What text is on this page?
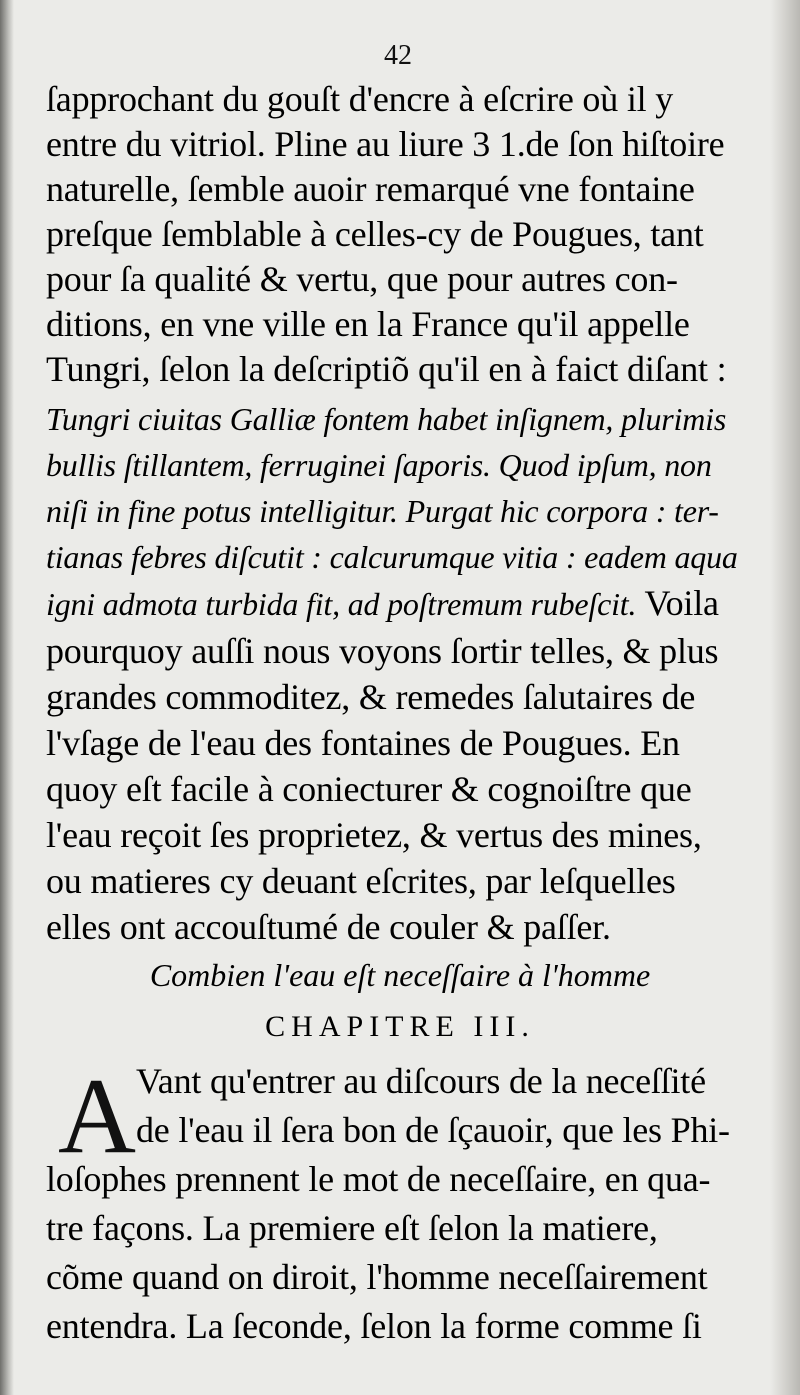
42
ſapprochant du gouſt d'encre à eſcrire où il y
entre du vitriol. Pline au liure 3 1.de ſon hiſtoire
naturelle, ſemble auoir remarqué vne fontaine
preſque ſemblable à celles-cy de Pougues, tant
pour ſa qualité & vertu, que pour autres con-
ditions, en vne ville en la France qu'il appelle
Tungri, ſelon la deſcriptiõ qu'il en à faict diſant :
Tungri ciuitas Galliæ fontem habet inſignem, plurimis
bullis ſtillantem, ferruginei ſaporis. Quod ipſum, non
niſi in fine potus intelligitur. Purgat hic corpora : ter-
tianas febres diſcutit : calcurumque vitia : eadem aqua
igni admota turbida fit, ad poſtremum rubeſcit. Voila
pourquoy auſſi nous voyons ſortir telles, & plus
grandes commoditez, & remedes ſalutaires de
l'vſage de l'eau des fontaines de Pougues. En
quoy eſt facile à coniecturer & cognoiſtre que
l'eau reçoit ſes proprietez, & vertus des mines,
ou matieres cy deuant eſcrites, par leſquelles
elles ont accouſtumé de couler & paſſer.
Combien l'eau eſt neceſſaire à l'homme
CHAPITRE III.
A Vant qu'entrer au diſcours de la neceſſité
de l'eau il ſera bon de ſçauoir, que les Phi-
loſophes prennent le mot de neceſſaire, en qua-
tre façons. La premiere eſt ſelon la matiere,
cõme quand on diroit, l'homme neceſſairement
entendra. La ſeconde, ſelon la forme comme ſi
